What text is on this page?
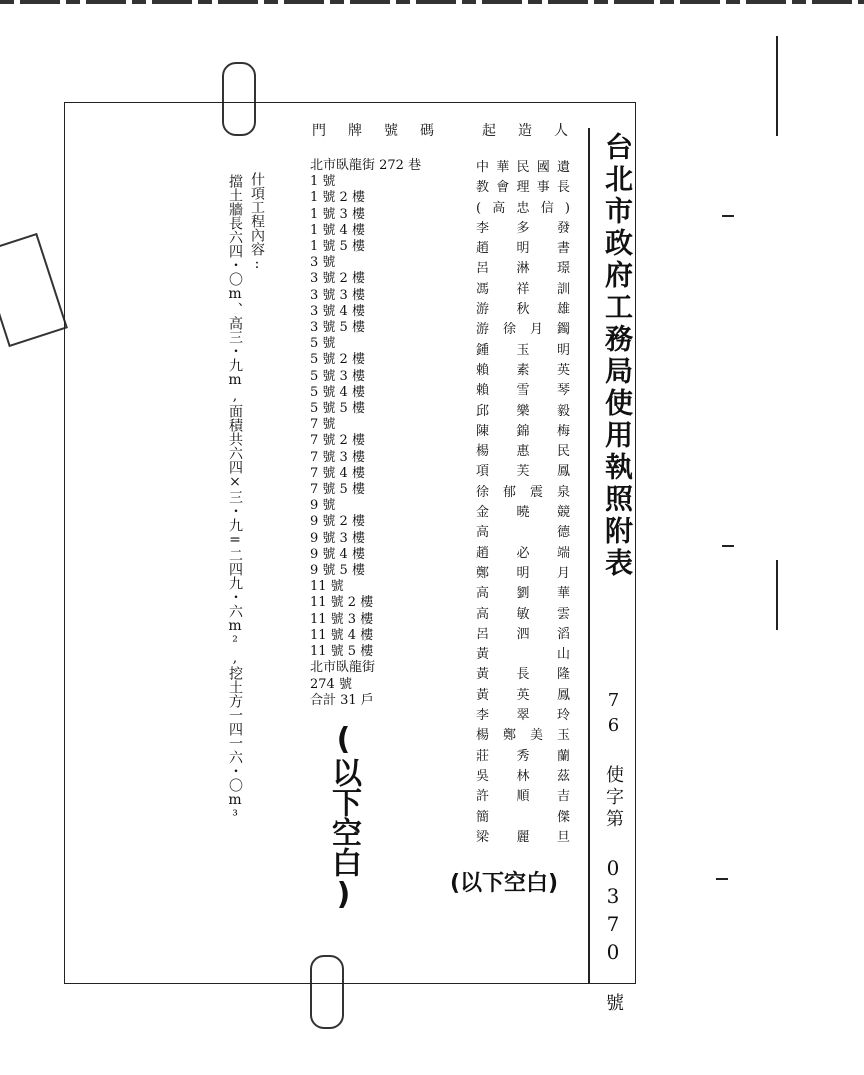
台北市政府工務局使用執照附表
76 使字第 0370 號
門牌號碼 起造人
中華民國遺
教會理事長
(高忠信)
李 多 發
趙 明 書
呂 淋 璟
馮 祥 訓
游 秋 雄
游徐月鐲
鍾 玉 明
賴 素 英
賴 雪 琴
邱 樂 毅
陳 錦 梅
楊 惠 民
項 芙 鳳
徐郁震泉
金 曉 競
高 德
趙 必 端
鄭 明 月
高 劉 華
高 敏 雲
呂 泗 滔
黃 山
黃 長 隆
黃 英 鳳
李 翠 玲
楊鄭美玉
莊 秀 蘭
吳 林 茲
許 順 吉
簡 傑
梁 麗 旦
北市臥龍街 272 巷
1 號
1 號 2 樓
1 號 3 樓
1 號 4 樓
1 號 5 樓
3 號
3 號 2 樓
3 號 3 樓
3 號 4 樓
3 號 5 樓
5 號
5 號 2 樓
5 號 3 樓
5 號 4 樓
5 號 5 樓
7 號
7 號 2 樓
7 號 3 樓
7 號 4 樓
7 號 5 樓
9 號
9 號 2 樓
9 號 3 樓
9 號 4 樓
9 號 5 樓
11 號
11 號 2 樓
11 號 3 樓
11 號 4 樓
11 號 5 樓
北市臥龍街
274 號
合計 31 戶
(以下空白)	(以下空白)
什項工程內容:
擋土牆長六四・〇m、高三・九m,面積共六四×三・九=二四九・六m²,挖土方一四一六・〇m³
